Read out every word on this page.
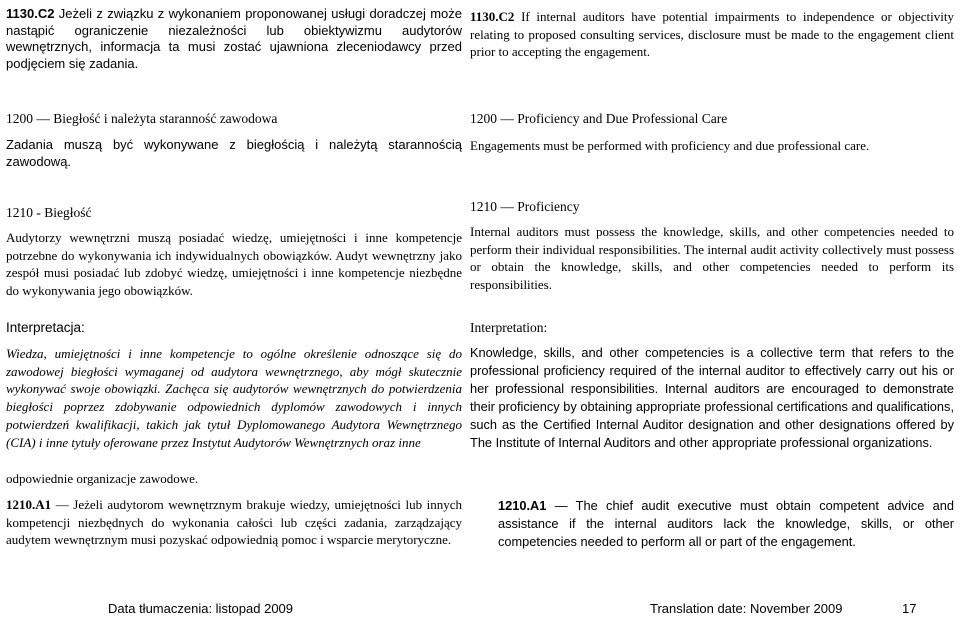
1130.C2 Jeżeli z związku z wykonaniem proponowanej usługi doradczej może nastąpić ograniczenie niezależności lub obiektywizmu audytorów wewnętrznych, informacja ta musi zostać ujawniona zleceniodawcy przed podjęciem się zadania.
1200 — Biegłość i należyta staranność zawodowa
Zadania muszą być wykonywane z biegłością i należytą starannością zawodową.
1210 - Biegłość
Audytorzy wewnętrzni muszą posiadać wiedzę, umiejętności i inne kompetencje potrzebne do wykonywania ich indywidualnych obowiązków. Audyt wewnętrzny jako zespół musi posiadać lub zdobyć wiedzę, umiejętności i inne kompetencje niezbędne do wykonywania jego obowiązków.
Interpretacja:
Wiedza, umiejętności i inne kompetencje to ogólne określenie odnoszące się do zawodowej biegłości wymaganej od audytora wewnętrznego, aby mógł skutecznie wykonywać swoje obowiązki. Zachęca się audytorów wewnętrznych do potwierdzenia biegłości poprzez zdobywanie odpowiednich dyplomów zawodowych i innych potwierdzeń kwalifikacji, takich jak tytuł Dyplomowanego Audytora Wewnętrznego (CIA) i inne tytuły oferowane przez Instytut Audytorów Wewnętrznych oraz inne
odpowiednie organizacje zawodowe.
1210.A1 — Jeżeli audytorom wewnętrznym brakuje wiedzy, umiejętności lub innych kompetencji niezbędnych do wykonania całości lub części zadania, zarządzający audytem wewnętrznym musi pozyskać odpowiednią pomoc i wsparcie merytoryczne.
1130.C2 If internal auditors have potential impairments to independence or objectivity relating to proposed consulting services, disclosure must be made to the engagement client prior to accepting the engagement.
1200 — Proficiency and Due Professional Care
Engagements must be performed with proficiency and due professional care.
1210 — Proficiency
Internal auditors must possess the knowledge, skills, and other competencies needed to perform their individual responsibilities. The internal audit activity collectively must possess or obtain the knowledge, skills, and other competencies needed to perform its responsibilities.
Interpretation:
Knowledge, skills, and other competencies is a collective term that refers to the professional proficiency required of the internal auditor to effectively carry out his or her professional responsibilities. Internal auditors are encouraged to demonstrate their proficiency by obtaining appropriate professional certifications and qualifications, such as the Certified Internal Auditor designation and other designations offered by The Institute of Internal Auditors and other appropriate professional organizations.
1210.A1 — The chief audit executive must obtain competent advice and assistance if the internal auditors lack the knowledge, skills, or other competencies needed to perform all or part of the engagement.
Data tłumaczenia: listopad 2009	Translation date: November 2009	17
